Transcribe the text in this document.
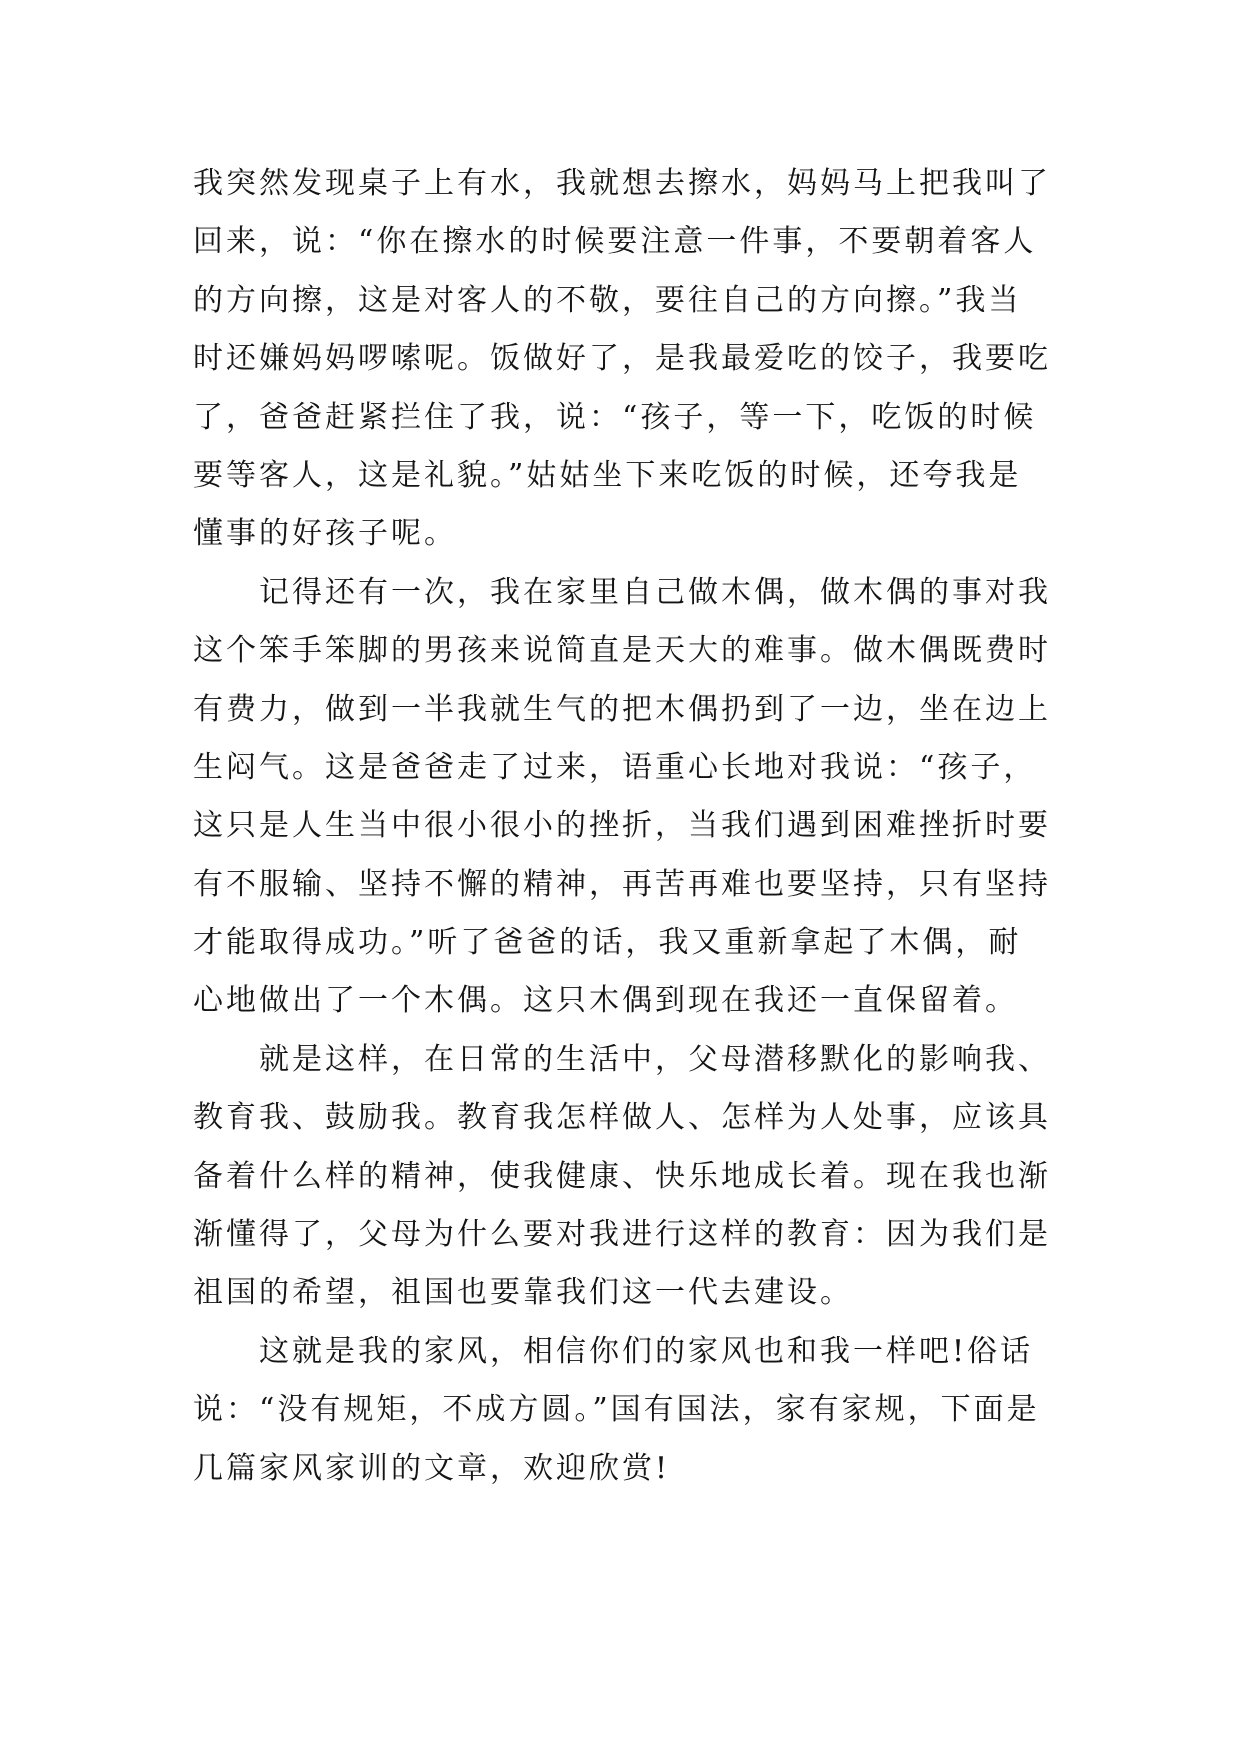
我突然发现桌子上有水，我就想去擦水，妈妈马上把我叫了
回来，说：“你在擦水的时候要注意一件事，不要朝着客人
的方向擦，这是对客人的不敬，要往自己的方向擦。”我当
时还嫌妈妈啰嗦呢。饭做好了，是我最爱吃的饺子，我要吃
了，爸爸赶紧拦住了我，说：“孩子，等一下，吃饭的时候
要等客人，这是礼貌。”姑姑坐下来吃饭的时候，还夸我是
懂事的好孩子呢。
　　记得还有一次，我在家里自己做木偶，做木偶的事对我
这个笨手笨脚的男孩来说简直是天大的难事。做木偶既费时
有费力，做到一半我就生气的把木偶扔到了一边，坐在边上
生闷气。这是爸爸走了过来，语重心长地对我说：“孩子，
这只是人生当中很小很小的挫折，当我们遇到困难挫折时要
有不服输、坚持不懈的精神，再苦再难也要坚持，只有坚持
才能取得成功。”听了爸爸的话，我又重新拿起了木偶，耐
心地做出了一个木偶。这只木偶到现在我还一直保留着。
　　就是这样，在日常的生活中，父母潜移默化的影响我、
教育我、鼓励我。教育我怎样做人、怎样为人处事，应该具
备着什么样的精神，使我健康、快乐地成长着。现在我也渐
渐懂得了，父母为什么要对我进行这样的教育：因为我们是
祖国的希望，祖国也要靠我们这一代去建设。
　　这就是我的家风，相信你们的家风也和我一样吧!俗话
说：“没有规矩，不成方圆。”国有国法，家有家规，下面是
几篇家风家训的文章，欢迎欣赏!
